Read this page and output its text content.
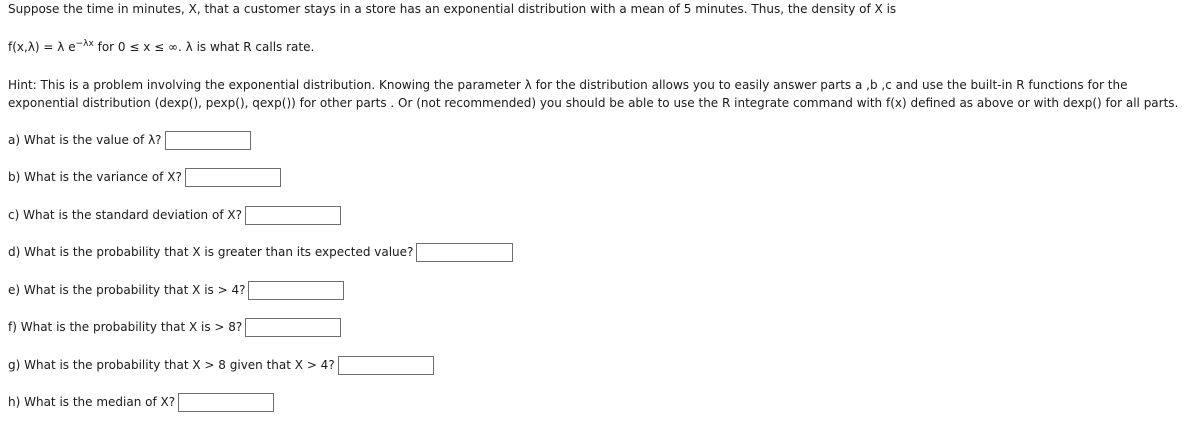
Suppose the time in minutes, X, that a customer stays in a store has an exponential distribution with a mean of 5 minutes. Thus, the density of X is
f(x,λ) = λ $e^{-\lambda x}$ for 0 ≤ x ≤ ∞. λ is what R calls rate.
Hint: This is a problem involving the exponential distribution. Knowing the parameter λ for the distribution allows you to easily answer parts a ,b ,c and use the built-in R functions for the
exponential distribution (dexp(), pexp(), qexp()) for other parts . Or (not recommended) you should be able to use the R integrate command with f(x) defined as above or with dexp() for all parts.
a) What is the value of λ?
b) What is the variance of X?
c) What is the standard deviation of X?
d) What is the probability that X is greater than its expected value?
e) What is the probability that X is > 4?
f) What is the probability that X is > 8?
g) What is the probability that X > 8 given that X > 4?
h) What is the median of X?
